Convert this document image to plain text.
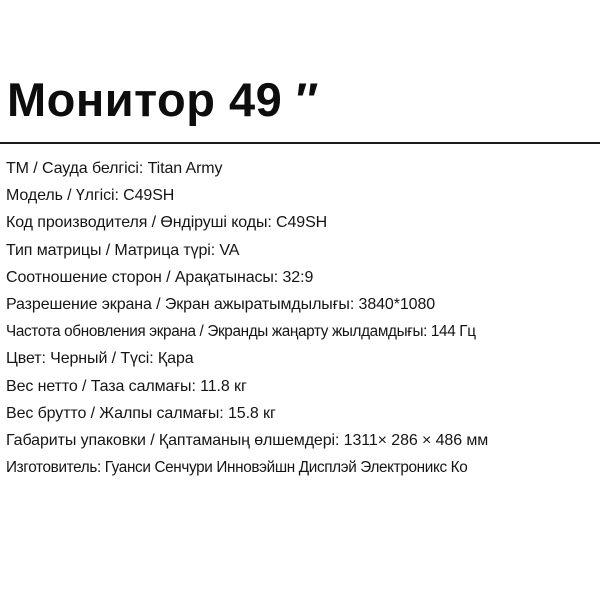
Монитор 49 ″
ТМ / Сауда белгісі: Titan Army
Модель / Үлгісі: C49SH
Код производителя / Өндіруші коды: C49SH
Тип матрицы / Матрица түрі: VA
Соотношение сторон / Арақатынасы: 32:9
Разрешение экрана / Экран ажыратымдылығы: 3840*1080
Частота обновления экрана / Экранды жаңарту жылдамдығы: 144 Гц
Цвет: Черный / Түсі: Қара
Вес нетто / Таза салмағы: 11.8 кг
Вес брутто / Жалпы салмағы: 15.8 кг
Габариты упаковки / Қаптаманың өлшемдері: 1311× 286 × 486 мм
Изготовитель: Гуанси Сенчури Инновэйшн Дисплэй Электроникс Ко
